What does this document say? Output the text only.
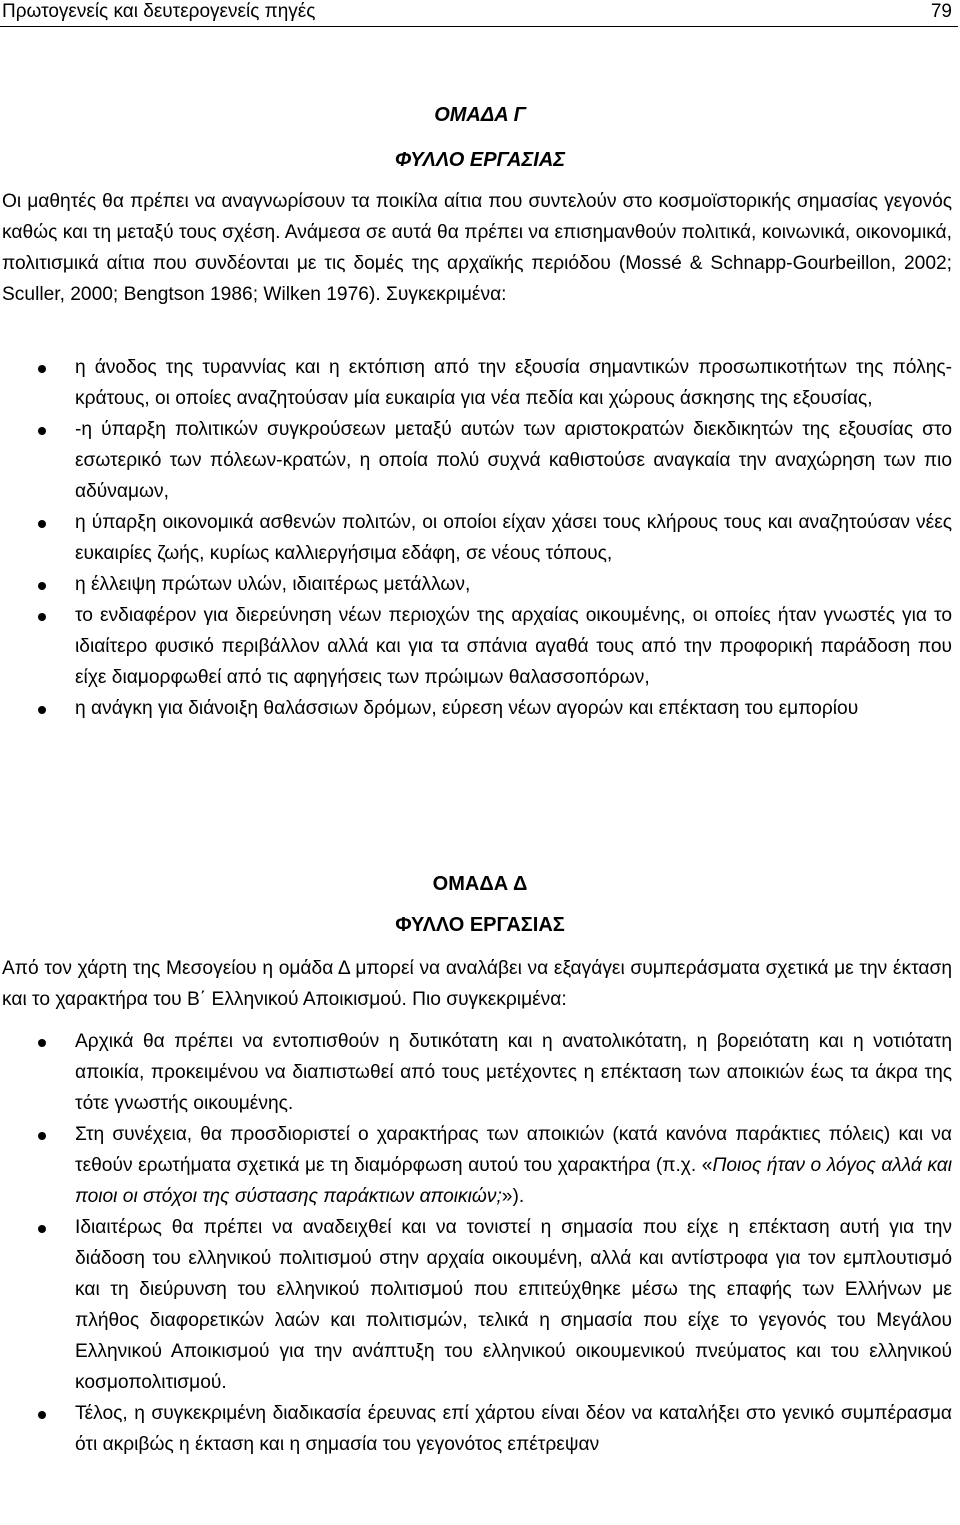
Πρωτογενείς και δευτερογενείς πηγές	79
ΟΜΑΔΑ Γ
ΦΥΛΛΟ ΕΡΓΑΣΙΑΣ
Οι μαθητές θα πρέπει να αναγνωρίσουν τα ποικίλα αίτια που συντελούν στο κοσμοϊστορικής σημασίας γεγονός καθώς και τη μεταξύ τους σχέση. Ανάμεσα σε αυτά θα πρέπει να επισημανθούν πολιτικά, κοινωνικά, οικονομικά, πολιτισμικά αίτια που συνδέονται με τις δομές της αρχαϊκής περιόδου (Mossé & Schnapp-Gourbeillon, 2002; Sculler, 2000; Bengtson 1986; Wilken 1976). Συγκεκριμένα:
η άνοδος της τυραννίας και η εκτόπιση από την εξουσία σημαντικών προσωπικοτήτων της πόλης-κράτους, οι οποίες αναζητούσαν μία ευκαιρία για νέα πεδία και χώρους άσκησης της εξουσίας,
-η ύπαρξη πολιτικών συγκρούσεων μεταξύ αυτών των αριστοκρατών διεκδικητών της εξουσίας στο εσωτερικό των πόλεων-κρατών, η οποία πολύ συχνά καθιστούσε αναγκαία την αναχώρηση των πιο αδύναμων,
η ύπαρξη οικονομικά ασθενών πολιτών, οι οποίοι είχαν χάσει τους κλήρους τους και αναζητούσαν νέες ευκαιρίες ζωής, κυρίως καλλιεργήσιμα εδάφη, σε νέους τόπους,
η έλλειψη πρώτων υλών, ιδιαιτέρως μετάλλων,
το ενδιαφέρον για διερεύνηση νέων περιοχών της αρχαίας οικουμένης, οι οποίες ήταν γνωστές για το ιδιαίτερο φυσικό περιβάλλον αλλά και για τα σπάνια αγαθά τους από την προφορική παράδοση που είχε διαμορφωθεί από τις αφηγήσεις των πρώιμων θαλασσοπόρων,
η ανάγκη για διάνοιξη θαλάσσιων δρόμων, εύρεση νέων αγορών και επέκταση του εμπορίου
ΟΜΑΔΑ Δ
ΦΥΛΛΟ ΕΡΓΑΣΙΑΣ
Από τον χάρτη της Μεσογείου η ομάδα Δ μπορεί να αναλάβει να εξαγάγει συμπεράσματα σχετικά με την έκταση και το χαρακτήρα του Β΄ Ελληνικού Αποικισμού. Πιο συγκεκριμένα:
Αρχικά θα πρέπει να εντοπισθούν η δυτικότατη και η ανατολικότατη, η βορειότατη και η νοτιότατη αποικία, προκειμένου να διαπιστωθεί από τους μετέχοντες η επέκταση των αποικιών έως τα άκρα της τότε γνωστής οικουμένης.
Στη συνέχεια, θα προσδιοριστεί ο χαρακτήρας των αποικιών (κατά κανόνα παράκτιες πόλεις) και να τεθούν ερωτήματα σχετικά με τη διαμόρφωση αυτού του χαρακτήρα (π.χ. «Ποιος ήταν ο λόγος αλλά και ποιοι οι στόχοι της σύστασης παράκτιων αποικιών;»).
Ιδιαιτέρως θα πρέπει να αναδειχθεί και να τονιστεί η σημασία που είχε η επέκταση αυτή για την διάδοση του ελληνικού πολιτισμού στην αρχαία οικουμένη, αλλά και αντίστροφα για τον εμπλουτισμό και τη διεύρυνση του ελληνικού πολιτισμού που επιτεύχθηκε μέσω της επαφής των Ελλήνων με πλήθος διαφορετικών λαών και πολιτισμών, τελικά η σημασία που είχε το γεγονός του Μεγάλου Ελληνικού Αποικισμού για την ανάπτυξη του ελληνικού οικουμενικού πνεύματος και του ελληνικού κοσμοπολιτισμού.
Τέλος, η συγκεκριμένη διαδικασία έρευνας επί χάρτου είναι δέον να καταλήξει στο γενικό συμπέρασμα ότι ακριβώς η έκταση και η σημασία του γεγονότος επέτρεψαν
